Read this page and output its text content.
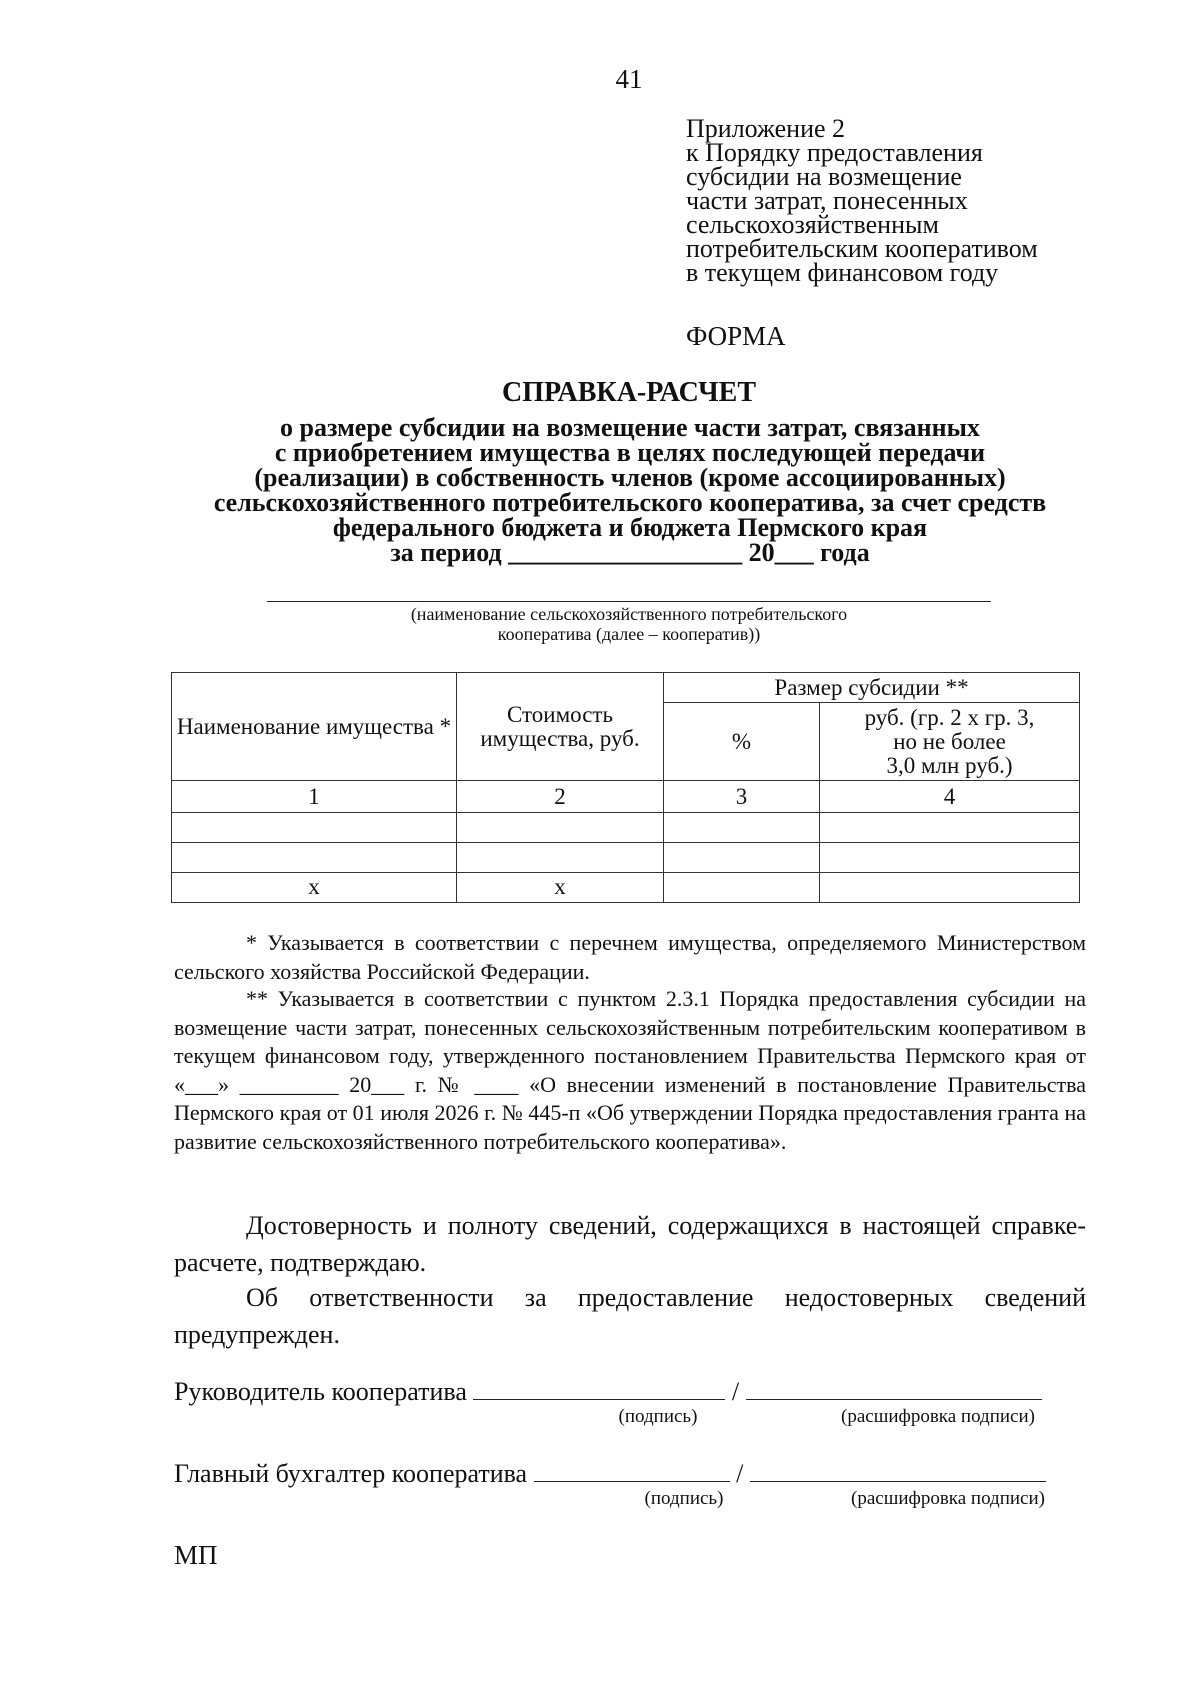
41
Приложение 2
к Порядку предоставления
субсидии на возмещение
части затрат, понесенных
сельскохозяйственным
потребительским кооперативом
в текущем финансовом году
ФОРМА
СПРАВКА-РАСЧЕТ
о размере субсидии на возмещение части затрат, связанных
с приобретением имущества в целях последующей передачи
(реализации) в собственность членов (кроме ассоциированных)
сельскохозяйственного потребительского кооператива, за счет средств
федерального бюджета и бюджета Пермского края
за период __________________ 20___ года
(наименование сельскохозяйственного потребительского
кооператива (далее – кооператив))
Наименование имущества *	Стоимость имущества, руб.	Размер субсидии **	
		%	руб. (гр. 2 х гр. 3,
но не более
3,0 млн руб.)

1	2	3	4

x	x		
* Указывается в соответствии с перечнем имущества, определяемого Министерством сельского хозяйства Российской Федерации.
** Указывается в соответствии с пунктом 2.3.1 Порядка предоставления субсидии на возмещение части затрат, понесенных сельскохозяйственным потребительским кооперативом в текущем финансовом году, утвержденного постановлением Правительства Пермского края от «___» _________ 20___ г. № ____ «О внесении изменений в постановление Правительства Пермского края от 01 июля 2026 г. № 445-п «Об утверждении Порядка предоставления гранта на развитие сельскохозяйственного потребительского кооператива».
Достоверность и полноту сведений, содержащихся в настоящей справке-расчете, подтверждаю.
Об ответственности за предоставление недостоверных сведений предупрежден.
Руководитель кооператива	/
(подпись)	(расшифровка подписи)
Главный бухгалтер кооператива	/
(подпись)	(расшифровка подписи)
МП
